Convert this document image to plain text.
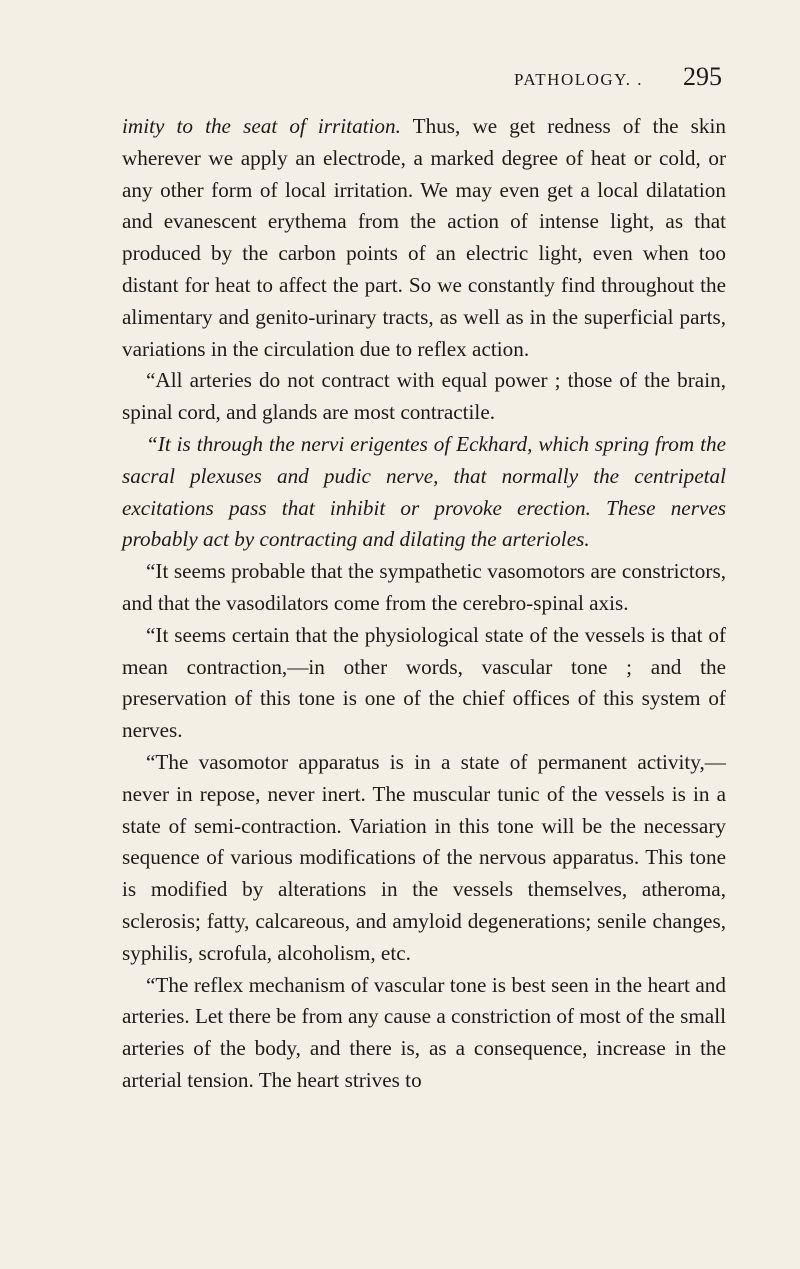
PATHOLOGY. . 295

imity to the seat of irritation. Thus, we get redness of the skin wherever we apply an electrode, a marked degree of heat or cold, or any other form of local irritation. We may even get a local dilatation and evanescent erythema from the action of intense light, as that produced by the carbon points of an electric light, even when too distant for heat to affect the part. So we constantly find throughout the alimentary and genito-urinary tracts, as well as in the superficial parts, variations in the circulation due to reflex action.

“All arteries do not contract with equal power ; those of the brain, spinal cord, and glands are most contractile.

“It is through the nervi erigentes of Eckhard, which spring from the sacral plexuses and pudic nerve, that normally the centripetal excitations pass that inhibit or provoke erection. These nerves probably act by contracting and dilating the arterioles.

“It seems probable that the sympathetic vasomotors are constrictors, and that the vasodilators come from the cerebro-spinal axis.

“It seems certain that the physiological state of the vessels is that of mean contraction,—in other words, vascular tone ; and the preservation of this tone is one of the chief offices of this system of nerves.

“The vasomotor apparatus is in a state of permanent activity,—never in repose, never inert. The muscular tunic of the vessels is in a state of semi-contraction. Variation in this tone will be the necessary sequence of various modifications of the nervous apparatus. This tone is modified by alterations in the vessels themselves, atheroma, sclerosis; fatty, calcareous, and amyloid degenerations; senile changes, syphilis, scrofula, alcoholism, etc.

“The reflex mechanism of vascular tone is best seen in the heart and arteries. Let there be from any cause a constriction of most of the small arteries of the body, and there is, as a consequence, increase in the arterial tension. The heart strives to
